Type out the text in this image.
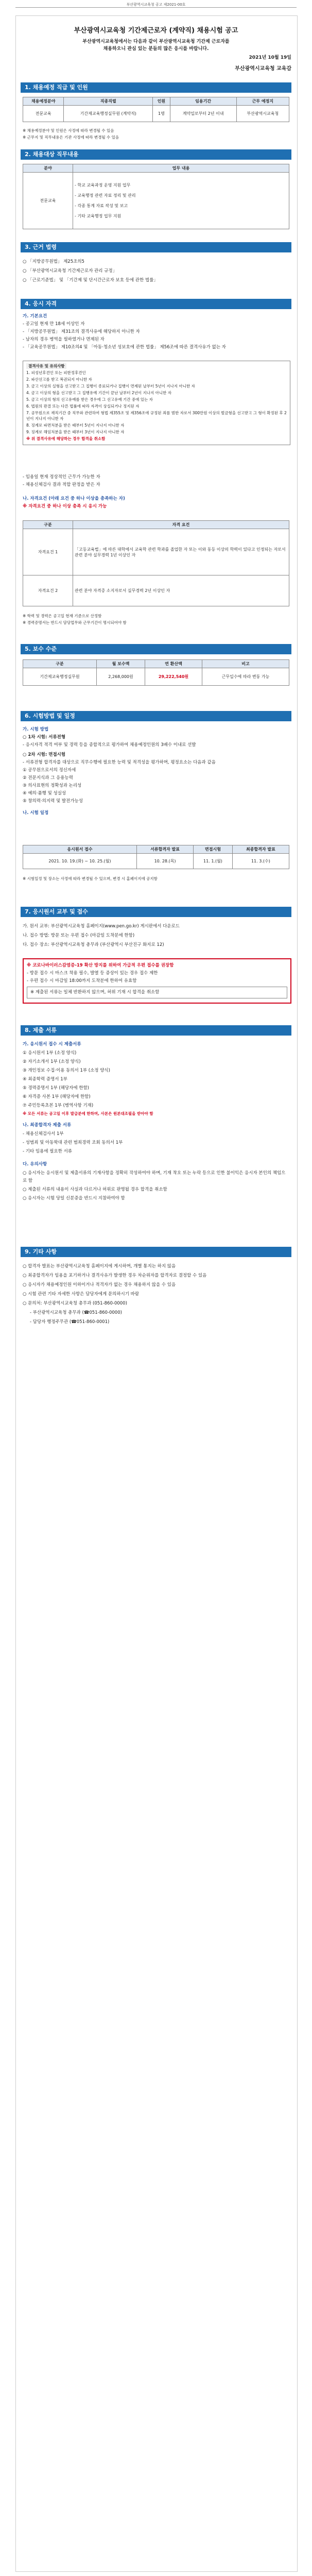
부산광역시교육청 공고 제2021-00호
부산광역시교육청 기간제근로자 (계약직) 채용시험 공고
부산광역시교육청에서는 다음과 같이 부산광역시교육청 기간제 근로자를
채용하오니 관심 있는 분들의 많은 응시를 바랍니다.
2021년 10월 19일
부산광역시교육청 교육감
1. 채용예정 직급 및 인원
채용예정분야	직종직렬	인원	임용기간	근무 예정지
전문교육	기간제교육행정실무원 (계약직)	1명	계약일로부터 2년 이내	부산광역시교육청

※ 채용예정분야 및 인원은 사정에 따라 변경될 수 있음

※ 근무지 및 직무내용은 기관 사정에 따라 변경될 수 있음

2. 채용대상 직무내용
분야	업무 내용
전문교육	- 학교 교육과정 운영 지원 업무
- 교육행정 관련 자료 정리 및 관리
- 각종 통계 자료 작성 및 보고
- 기타 교육행정 업무 지원
3. 근거 법령

○ 「지방공무원법」 제25조의5

○ 「부산광역시교육청 기간제근로자 관리 규정」

○ 「근로기준법」 및 「기간제 및 단시간근로자 보호 등에 관한 법률」

4. 응시 자격

가. 기본요건

- 공고일 현재 만 18세 이상인 자

- 「지방공무원법」 제31조의 결격사유에 해당하지 아니한 자

- 남자의 경우 병역을 필하였거나 면제된 자

- 「교육공무원법」 제10조의4 및 「아동·청소년 성보호에 관한 법률」 제56조에 따른 결격사유가 없는 자

결격사유 및 유의사항

1. 피성년후견인 또는 피한정후견인

2. 파산선고를 받고 복권되지 아니한 자

3. 금고 이상의 실형을 선고받고 그 집행이 종료되거나 집행이 면제된 날부터 5년이 지나지 아니한 자

4. 금고 이상의 형을 선고받고 그 집행유예 기간이 끝난 날부터 2년이 지나지 아니한 자

5. 금고 이상의 형의 선고유예를 받은 경우에 그 선고유예 기간 중에 있는 자

6. 법원의 판결 또는 다른 법률에 따라 자격이 상실되거나 정지된 자

7. 공무원으로 재직기간 중 직무와 관련하여 형법 제355조 및 제356조에 규정된 죄를 범한 자로서 300만원 이상의 벌금형을 선고받고 그 형이 확정된 후 2년이 지나지 아니한 자

8. 징계로 파면처분을 받은 때부터 5년이 지나지 아니한 자

9. 징계로 해임처분을 받은 때부터 3년이 지나지 아니한 자

※ 위 결격사유에 해당하는 경우 합격을 취소함

- 임용일 현재 정상적인 근무가 가능한 자

- 채용신체검사 결과 적합 판정을 받은 자

나. 자격요건 (아래 요건 중 하나 이상을 충족하는 자)

※ 자격요건 중 하나 이상 충족 시 응시 가능

구분	자격 요건
자격요건 1	「고등교육법」에 따른 대학에서 교육학 관련 학과를 졸업한 자 또는 이와 동등 이상의 학력이 있다고 인정되는 자로서 관련 분야 실무경력 1년 이상인 자
자격요건 2	관련 분야 자격증 소지자로서 실무경력 2년 이상인 자

※ 학력 및 경력은 공고일 현재 기준으로 산정함

※ 경력증명서는 반드시 담당업무와 근무기간이 명시되어야 함

5. 보수 수준
구분	월 보수액	연 환산액	비고
기간제교육행정실무원	2,268,000원	29,222,540원	근무일수에 따라 변동 가능
6. 시험방법 및 일정

가. 시험 방법

○ 1차 시험: 서류전형

- 응시자격 적격 여부 및 경력 등을 종합적으로 평가하여 채용예정인원의 3배수 이내로 선발

○ 2차 시험: 면접시험

- 서류전형 합격자를 대상으로 직무수행에 필요한 능력 및 적격성을 평가하며, 평정요소는 다음과 같음

① 공무원으로서의 정신자세

② 전문지식과 그 응용능력

③ 의사표현의 정확성과 논리성

④ 예의·품행 및 성실성

⑤ 창의력·의지력 및 발전가능성

나. 시험 일정

응시원서 접수	서류합격자 발표	면접시험	최종합격자 발표
2021. 10. 19.(화) ~ 10. 25.(월)	10. 28.(목)	11. 1.(월)	11. 3.(수)
※ 시험일정 및 장소는 사정에 따라 변경될 수 있으며, 변경 시 홈페이지에 공지함
7. 응시원서 교부 및 접수

가. 원서 교부: 부산광역시교육청 홈페이지(www.pen.go.kr) 게시판에서 다운로드

나. 접수 방법: 방문 또는 우편 접수 (마감일 도착분에 한함)

다. 접수 장소: 부산광역시교육청 총무과 (부산광역시 부산진구 화지로 12)

※ 코로나바이러스감염증-19 확산 방지를 위하여 가급적 우편 접수를 권장함

- 방문 접수 시 마스크 착용 필수, 발열 등 증상이 있는 경우 접수 제한

- 우편 접수 시 마감일 18:00까지 도착분에 한하여 유효함

※ 제출된 서류는 일체 반환하지 않으며, 허위 기재 시 합격을 취소함

8. 제출 서류

가. 응시원서 접수 시 제출서류

① 응시원서 1부 (소정 양식)

② 자기소개서 1부 (소정 양식)

③ 개인정보 수집·이용 동의서 1부 (소정 양식)

④ 최종학력 증명서 1부

⑤ 경력증명서 1부 (해당자에 한함)

⑥ 자격증 사본 1부 (해당자에 한함)

⑦ 주민등록초본 1부 (병역사항 기재)

※ 모든 서류는 공고일 이후 발급분에 한하며, 사본은 원본대조필을 받아야 함

나. 최종합격자 제출 서류

- 채용신체검사서 1부

- 성범죄 및 아동학대 관련 범죄경력 조회 동의서 1부

- 기타 임용에 필요한 서류

다. 유의사항

○ 응시자는 응시원서 및 제출서류의 기재사항을 정확히 작성하여야 하며, 기재 착오 또는 누락 등으로 인한 불이익은 응시자 본인의 책임으로 함

○ 제출된 서류의 내용이 사실과 다르거나 허위로 판명될 경우 합격을 취소함

○ 응시자는 시험 당일 신분증을 반드시 지참하여야 함

9. 기타 사항

○ 합격자 발표는 부산광역시교육청 홈페이지에 게시하며, 개별 통지는 하지 않음

○ 최종합격자가 임용을 포기하거나 결격사유가 발생한 경우 차순위자를 합격자로 결정할 수 있음

○ 응시자가 채용예정인원 이하이거나 적격자가 없는 경우 채용하지 않을 수 있음

○ 시험 관련 기타 자세한 사항은 담당자에게 문의하시기 바람

○ 문의처: 부산광역시교육청 총무과 (051-860-0000)

- 부산광역시교육청 총무과 (☎051-860-0000)

- 담당자 행정주무관 (☎051-860-0001)
